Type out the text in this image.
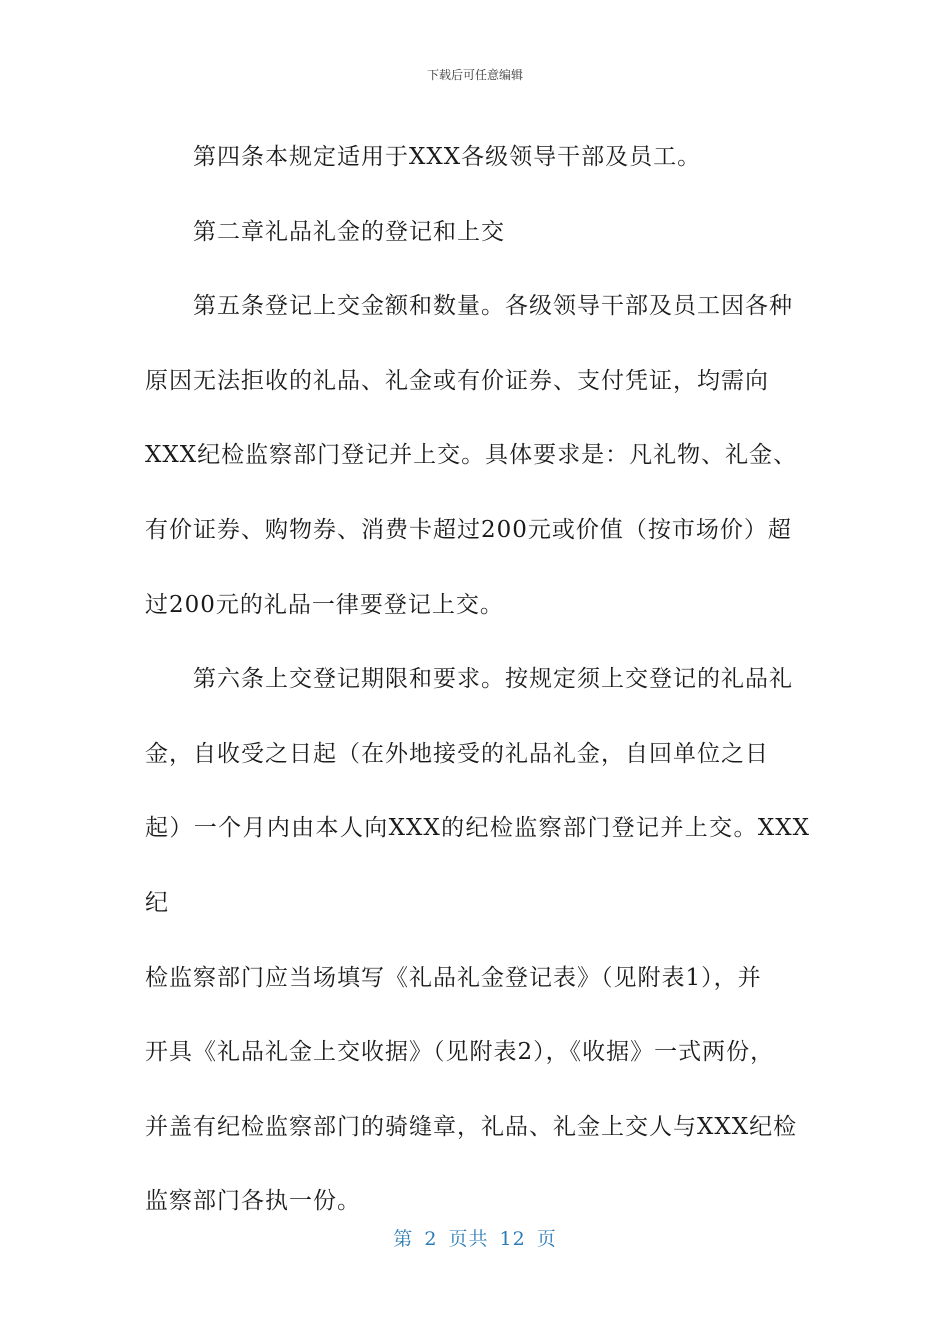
下载后可任意编辑

第四条本规定适用于XXX各级领导干部及员工。

第二章礼品礼金的登记和上交

第五条登记上交金额和数量。各级领导干部及员工因各种
原因无法拒收的礼品、礼金或有价证券、支付凭证，均需向
XXX纪检监察部门登记并上交。具体要求是：凡礼物、礼金、
有价证券、购物券、消费卡超过200元或价值（按市场价）超
过200元的礼品一律要登记上交。

第六条上交登记期限和要求。按规定须上交登记的礼品礼
金，自收受之日起（在外地接受的礼品礼金，自回单位之日
起）一个月内由本人向XXX的纪检监察部门登记并上交。XXX纪
检监察部门应当场填写《礼品礼金登记表》（见附表1），并
开具《礼品礼金上交收据》（见附表2），《收据》一式两份，
并盖有纪检监察部门的骑缝章，礼品、礼金上交人与XXX纪检
监察部门各执一份。

第 2 页共 12 页
